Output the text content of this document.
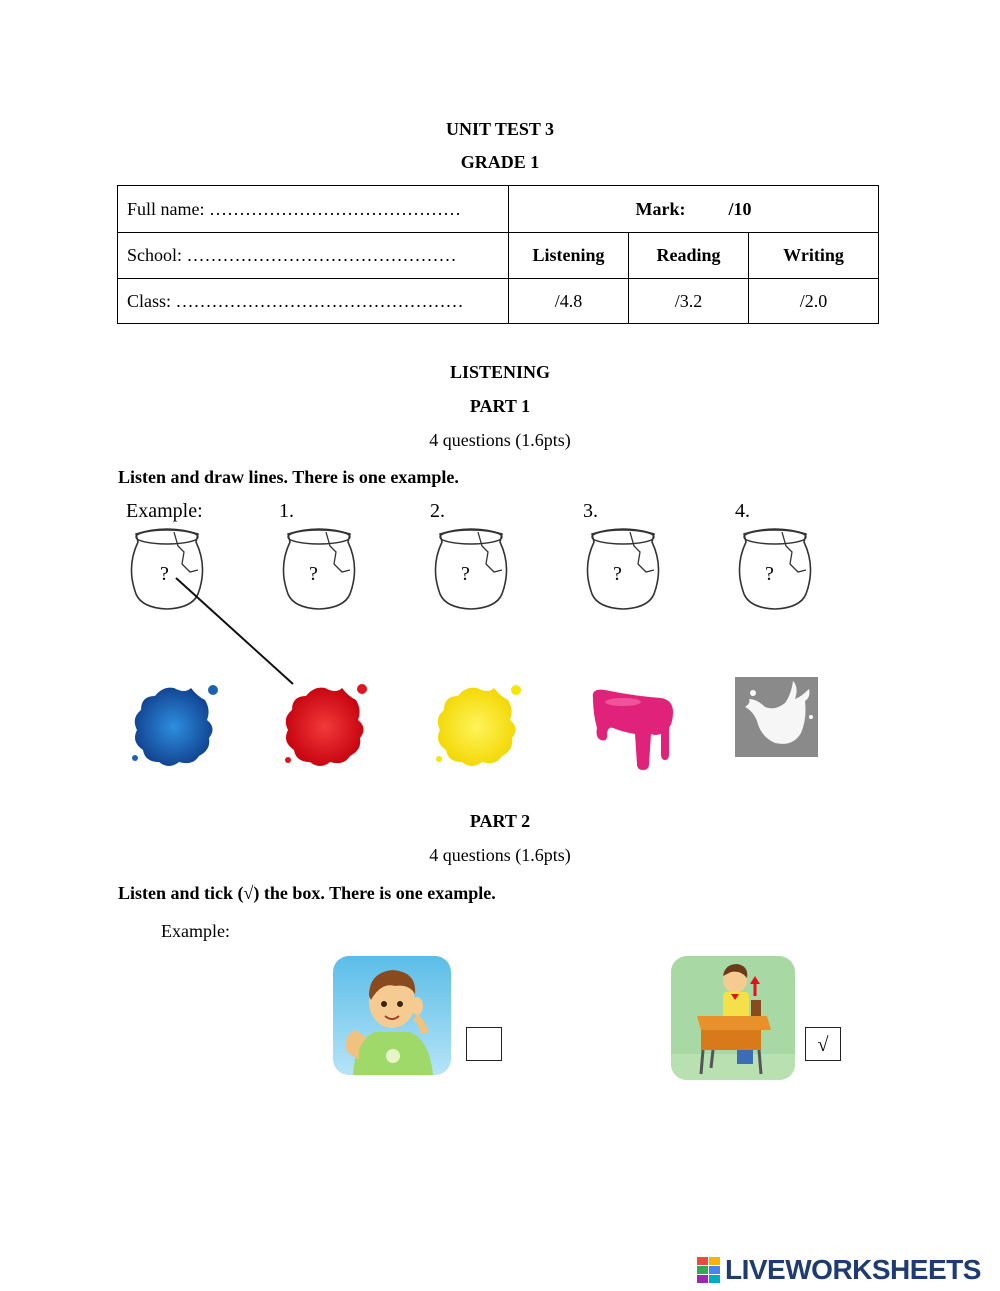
UNIT TEST 3
GRADE 1
Full name: ……………………………………	Mark: /10		
School: ………………………………………	Listening	Reading	Writing
Class: …………………………………………	/4.8	/3.2	/2.0
LISTENING
PART 1
4 questions (1.6pts)
Listen and draw lines. There is one example.
Example:	1.	2.	3.	4.
?	?	?	?	?
PART 2
4 questions (1.6pts)
Listen and tick (√) the box. There is one example.
Example:
√
LIVEWORKSHEETS
